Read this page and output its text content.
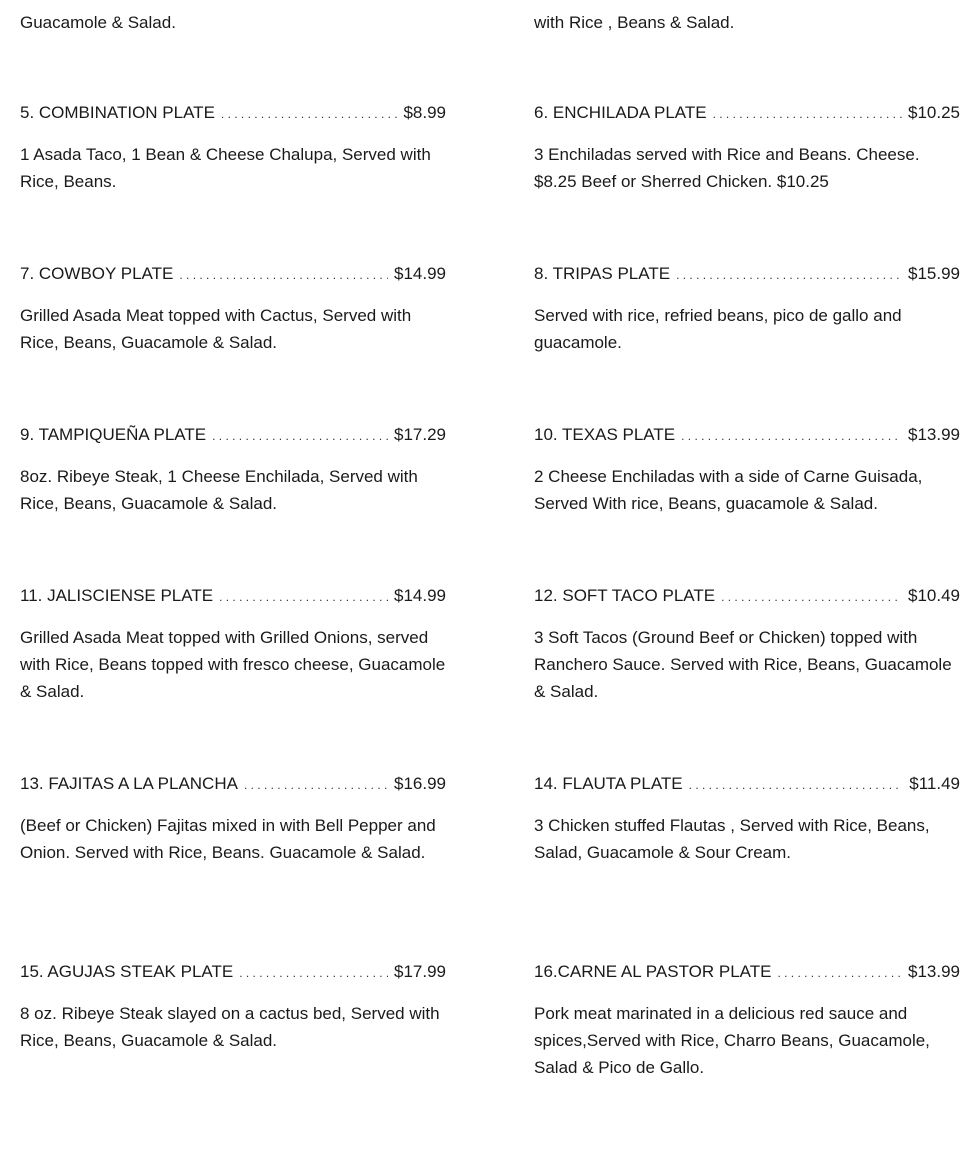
Guacamole & Salad.	with Rice , Beans & Salad.
5. COMBINATION PLATE . . .	$8.99
1 Asada Taco, 1 Bean & Cheese Chalupa, Served with Rice, Beans.
6. ENCHILADA PLATE . . .	$10.25
3 Enchiladas served with Rice and Beans. Cheese. $8.25 Beef or Sherred Chicken. $10.25
7. COWBOY PLATE . . .	$14.99
Grilled Asada Meat topped with Cactus, Served with Rice, Beans, Guacamole & Salad.
8. TRIPAS PLATE . . .	$15.99
Served with rice, refried beans, pico de gallo and guacamole.
9. TAMPIQUEÑA PLATE . . .	$17.29
8oz. Ribeye Steak, 1 Cheese Enchilada, Served with Rice, Beans, Guacamole & Salad.
10. TEXAS PLATE . . .	$13.99
2 Cheese Enchiladas with a side of Carne Guisada, Served With rice, Beans, guacamole & Salad.
11. JALISCIENSE PLATE . . .	$14.99
Grilled Asada Meat topped with Grilled Onions, served with Rice, Beans topped with fresco cheese, Guacamole & Salad.
12. SOFT TACO PLATE . . .	$10.49
3 Soft Tacos (Ground Beef or Chicken) topped with Ranchero Sauce. Served with Rice, Beans, Guacamole & Salad.
13. FAJITAS A LA PLANCHA . . .	$16.99
(Beef or Chicken) Fajitas mixed in with Bell Pepper and Onion. Served with Rice, Beans. Guacamole & Salad.
14. FLAUTA PLATE . . .	$11.49
3 Chicken stuffed Flautas , Served with Rice, Beans, Salad, Guacamole & Sour Cream.
15. AGUJAS STEAK PLATE . . .	$17.99
8 oz. Ribeye Steak slayed on a cactus bed, Served with Rice, Beans, Guacamole & Salad.
16.CARNE AL PASTOR PLATE . . .	$13.99
Pork meat marinated in a delicious red sauce and spices,Served with Rice, Charro Beans, Guacamole, Salad & Pico de Gallo.
